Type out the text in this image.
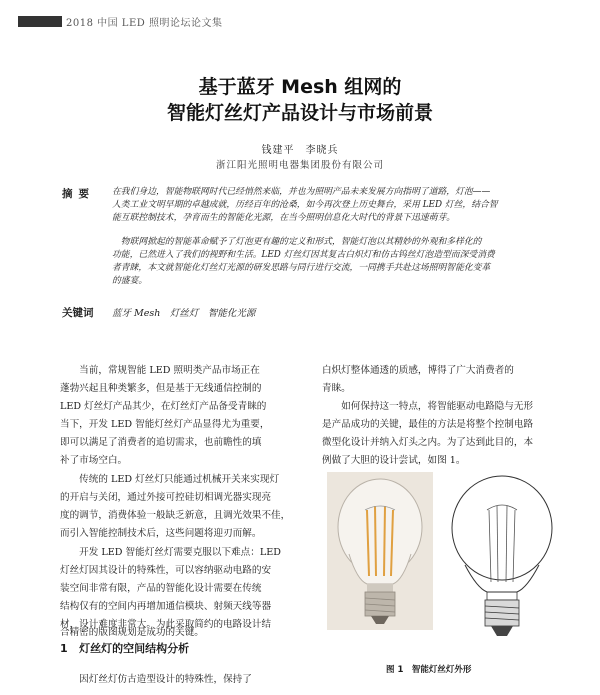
2018 中国 LED 照明论坛论文集
基于蓝牙 Mesh 组网的
智能灯丝灯产品设计与市场前景
钱建平　李晓兵
浙江阳光照明电器集团股份有限公司
摘要 在我们身边，智能物联网时代已经悄然来临，并也为照明产品未来发展方向指明了道路，灯泡——
人类工业文明早期的卓越成就，历经百年的沧桑，如今再次登上历史舞台，采用 LED 灯丝，结合智
能互联控制技术，孕育而生的智能化光源，在当今照明信息化大时代的背景下迅速萌芽。
　物联网掀起的智能革命赋予了灯泡更有趣的定义和形式，智能灯泡以其精妙的外观和多样化的
功能，已然进入了我们的视野和生活。LED 灯丝灯因其复古白炽灯和仿古钨丝灯泡造型而深受消费
者青睐，本文就智能化灯丝灯光源的研发思路与同行进行交流，一同携手共赴这场照明智能化变革
的盛宴。
关键词 蓝牙 Mesh　灯丝灯　智能化光源
　　当前，常规智能 LED 照明类产品市场正在
蓬勃兴起且种类繁多，但是基于无线通信控制的
LED 灯丝灯产品其少，在灯丝灯产品备受青睐的
当下，开发 LED 智能灯丝灯产品显得尤为重要，
即可以满足了消费者的追切需求，也前瞻性的填
补了市场空白。
　　传统的 LED 灯丝灯只能通过机械开关来实现灯
的开启与关闭，通过外接可控硅切相调光器实现亮
度的调节，消费体验一般缺乏新意，且调光效果不佳，
而引入智能控制技术后，这些问题将迎刃而解。
　　开发 LED 智能灯丝灯需要克服以下难点：LED
灯丝灯因其设计的特殊性，可以容纳驱动电路的安
装空间非常有限，产品的智能化设计需要在传统
结构仅有的空间内再增加通信模块、射频天线等器
材，设计难度非常大。为此采取简约的电路设计结
1 灯丝灯的空间结构分析
　　因灯丝灯仿古造型设计的特殊性，保持了
合精密的版图规划是成功的关键。
白炽灯整体通透的质感，博得了广大消费者的
青睐。
　　如何保持这一特点，将智能驱动电路隐与无形
是产品成功的关键，最佳的方法是将整个控制电路
微型化设计并纳入灯头之内。为了达到此目的，本
例做了大胆的设计尝试，如图 1。
图 1　智能灯丝灯外形
